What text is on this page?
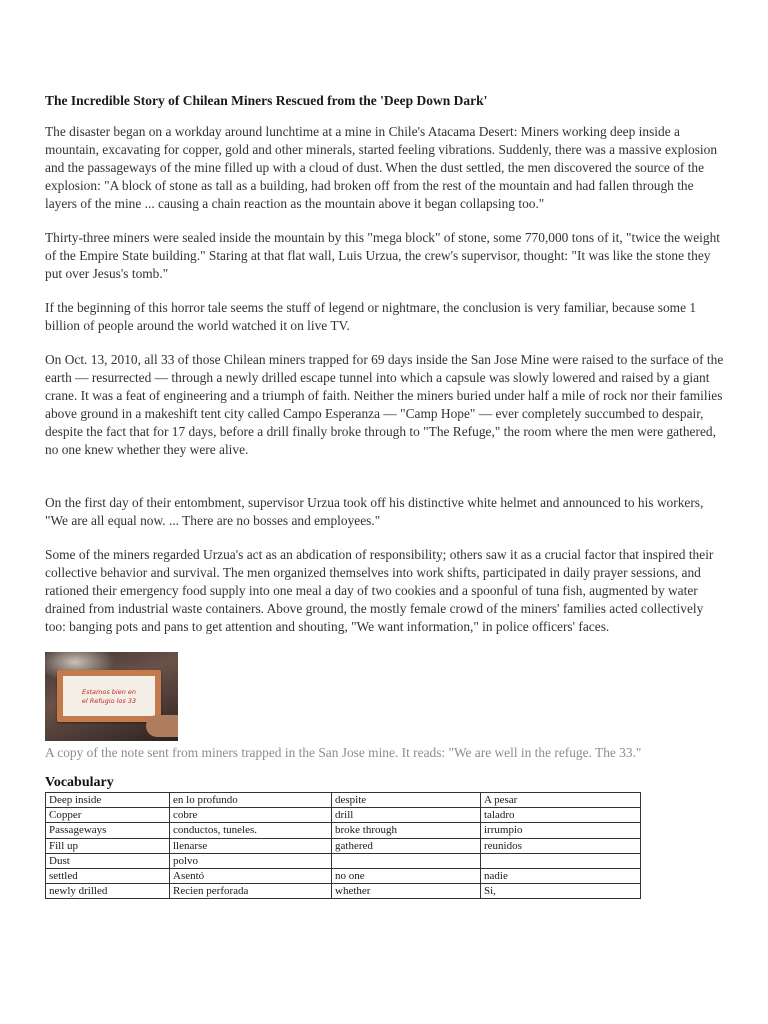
The Incredible Story of Chilean Miners Rescued from the 'Deep Down Dark'

The disaster began on a workday around lunchtime at a mine in Chile's Atacama Desert: Miners working deep inside a mountain, excavating for copper, gold and other minerals, started feeling vibrations. Suddenly, there was a massive explosion and the passageways of the mine filled up with a cloud of dust. When the dust settled, the men discovered the source of the explosion: "A block of stone as tall as a building, had broken off from the rest of the mountain and had fallen through the layers of the mine ... causing a chain reaction as the mountain above it began collapsing too."

Thirty-three miners were sealed inside the mountain by this "mega block" of stone, some 770,000 tons of it, "twice the weight of the Empire State building." Staring at that flat wall, Luis Urzua, the crew's supervisor, thought: "It was like the stone they put over Jesus's tomb."

If the beginning of this horror tale seems the stuff of legend or nightmare, the conclusion is very familiar, because some 1 billion of people around the world watched it on live TV.

On Oct. 13, 2010, all 33 of those Chilean miners trapped for 69 days inside the San Jose Mine were raised to the surface of the earth — resurrected — through a newly drilled escape tunnel into which a capsule was slowly lowered and raised by a giant crane. It was a feat of engineering and a triumph of faith. Neither the miners buried under half a mile of rock nor their families above ground in a makeshift tent city called Campo Esperanza — "Camp Hope" — ever completely succumbed to despair, despite the fact that for 17 days, before a drill finally broke through to "The Refuge," the room where the men were gathered, no one knew whether they were alive.

On the first day of their entombment, supervisor Urzua took off his distinctive white helmet and announced to his workers, "We are all equal now. ... There are no bosses and employees."

Some of the miners regarded Urzua's act as an abdication of responsibility; others saw it as a crucial factor that inspired their collective behavior and survival. The men organized themselves into work shifts, participated in daily prayer sessions, and rationed their emergency food supply into one meal a day of two cookies and a spoonful of tuna fish, augmented by water drained from industrial waste containers. Above ground, the mostly female crowd of the miners' families acted collectively too: banging pots and pans to get attention and shouting, "We want information," in police officers' faces.

Estamos bien en
el Refugio los 33
A copy of the note sent from miners trapped in the San Jose mine. It reads: "We are well in the refuge. The 33."
Vocabulary
Deep inside	en lo profundo	despite	A pesar
Copper	cobre	drill	taladro
Passageways	conductos, tuneles.	broke through	irrumpio
Fill up	llenarse	gathered	reunidos
Dust	polvo		
settled	Asentó	no one	nadie
newly drilled	Recien perforada	whether	Si,
